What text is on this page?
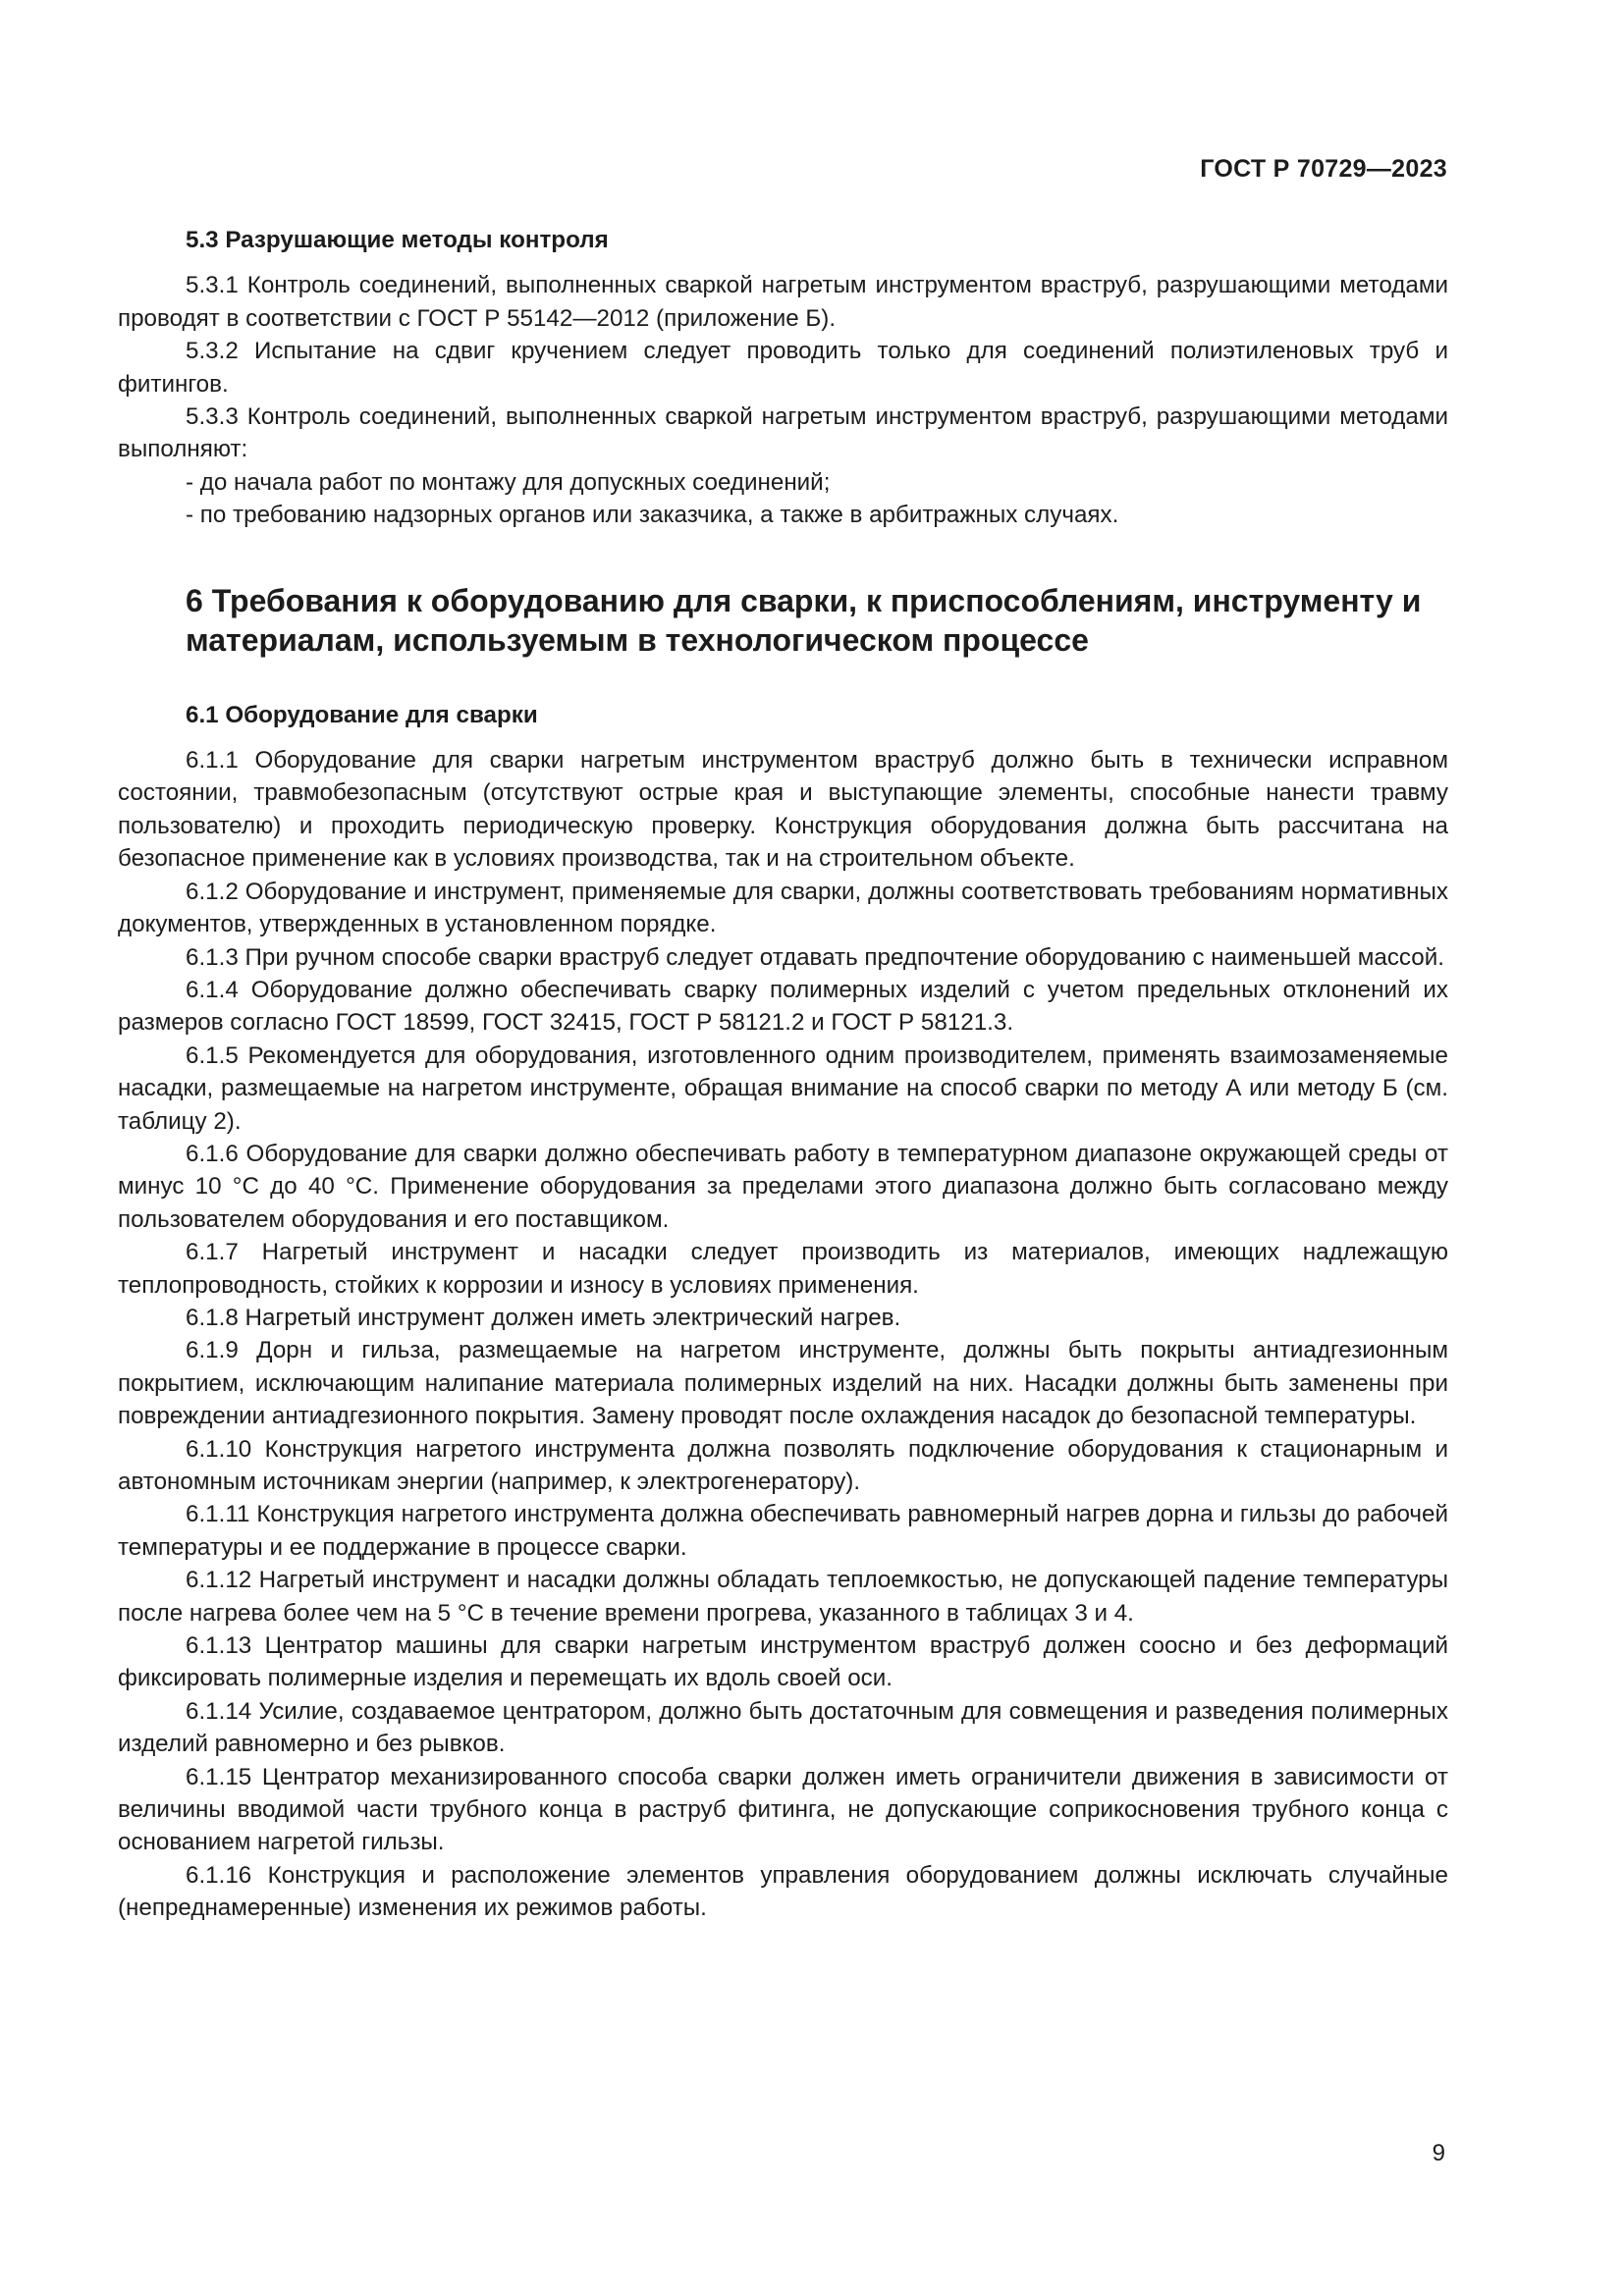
ГОСТ Р 70729—2023

5.3 Разрушающие методы контроля

5.3.1 Контроль соединений, выполненных сваркой нагретым инструментом враструб, разрушающими методами проводят в соответствии с ГОСТ Р 55142—2012 (приложение Б).

5.3.2 Испытание на сдвиг кручением следует проводить только для соединений полиэтиленовых труб и фитингов.

5.3.3 Контроль соединений, выполненных сваркой нагретым инструментом враструб, разрушающими методами выполняют:

- до начала работ по монтажу для допускных соединений;

- по требованию надзорных органов или заказчика, а также в арбитражных случаях.

6 Требования к оборудованию для сварки, к приспособлениям, инструменту и материалам, используемым в технологическом процессе

6.1 Оборудование для сварки

6.1.1 Оборудование для сварки нагретым инструментом враструб должно быть в технически исправном состоянии, травмобезопасным (отсутствуют острые края и выступающие элементы, способные нанести травму пользователю) и проходить периодическую проверку. Конструкция оборудования должна быть рассчитана на безопасное применение как в условиях производства, так и на строительном объекте.

6.1.2 Оборудование и инструмент, применяемые для сварки, должны соответствовать требованиям нормативных документов, утвержденных в установленном порядке.

6.1.3 При ручном способе сварки враструб следует отдавать предпочтение оборудованию с наименьшей массой.

6.1.4 Оборудование должно обеспечивать сварку полимерных изделий с учетом предельных отклонений их размеров согласно ГОСТ 18599, ГОСТ 32415, ГОСТ Р 58121.2 и ГОСТ Р 58121.3.

6.1.5 Рекомендуется для оборудования, изготовленного одним производителем, применять взаимозаменяемые насадки, размещаемые на нагретом инструменте, обращая внимание на способ сварки по методу А или методу Б (см. таблицу 2).

6.1.6 Оборудование для сварки должно обеспечивать работу в температурном диапазоне окружающей среды от минус 10 °С до 40 °С. Применение оборудования за пределами этого диапазона должно быть согласовано между пользователем оборудования и его поставщиком.

6.1.7 Нагретый инструмент и насадки следует производить из материалов, имеющих надлежащую теплопроводность, стойких к коррозии и износу в условиях применения.

6.1.8 Нагретый инструмент должен иметь электрический нагрев.

6.1.9 Дорн и гильза, размещаемые на нагретом инструменте, должны быть покрыты антиадгезионным покрытием, исключающим налипание материала полимерных изделий на них. Насадки должны быть заменены при повреждении антиадгезионного покрытия. Замену проводят после охлаждения насадок до безопасной температуры.

6.1.10 Конструкция нагретого инструмента должна позволять подключение оборудования к стационарным и автономным источникам энергии (например, к электрогенератору).

6.1.11 Конструкция нагретого инструмента должна обеспечивать равномерный нагрев дорна и гильзы до рабочей температуры и ее поддержание в процессе сварки.

6.1.12 Нагретый инструмент и насадки должны обладать теплоемкостью, не допускающей падение температуры после нагрева более чем на 5 °С в течение времени прогрева, указанного в таблицах 3 и 4.

6.1.13 Центратор машины для сварки нагретым инструментом враструб должен соосно и без деформаций фиксировать полимерные изделия и перемещать их вдоль своей оси.

6.1.14 Усилие, создаваемое центратором, должно быть достаточным для совмещения и разведения полимерных изделий равномерно и без рывков.

6.1.15 Центратор механизированного способа сварки должен иметь ограничители движения в зависимости от величины вводимой части трубного конца в раструб фитинга, не допускающие соприкосновения трубного конца с основанием нагретой гильзы.

6.1.16 Конструкция и расположение элементов управления оборудованием должны исключать случайные (непреднамеренные) изменения их режимов работы.

9
